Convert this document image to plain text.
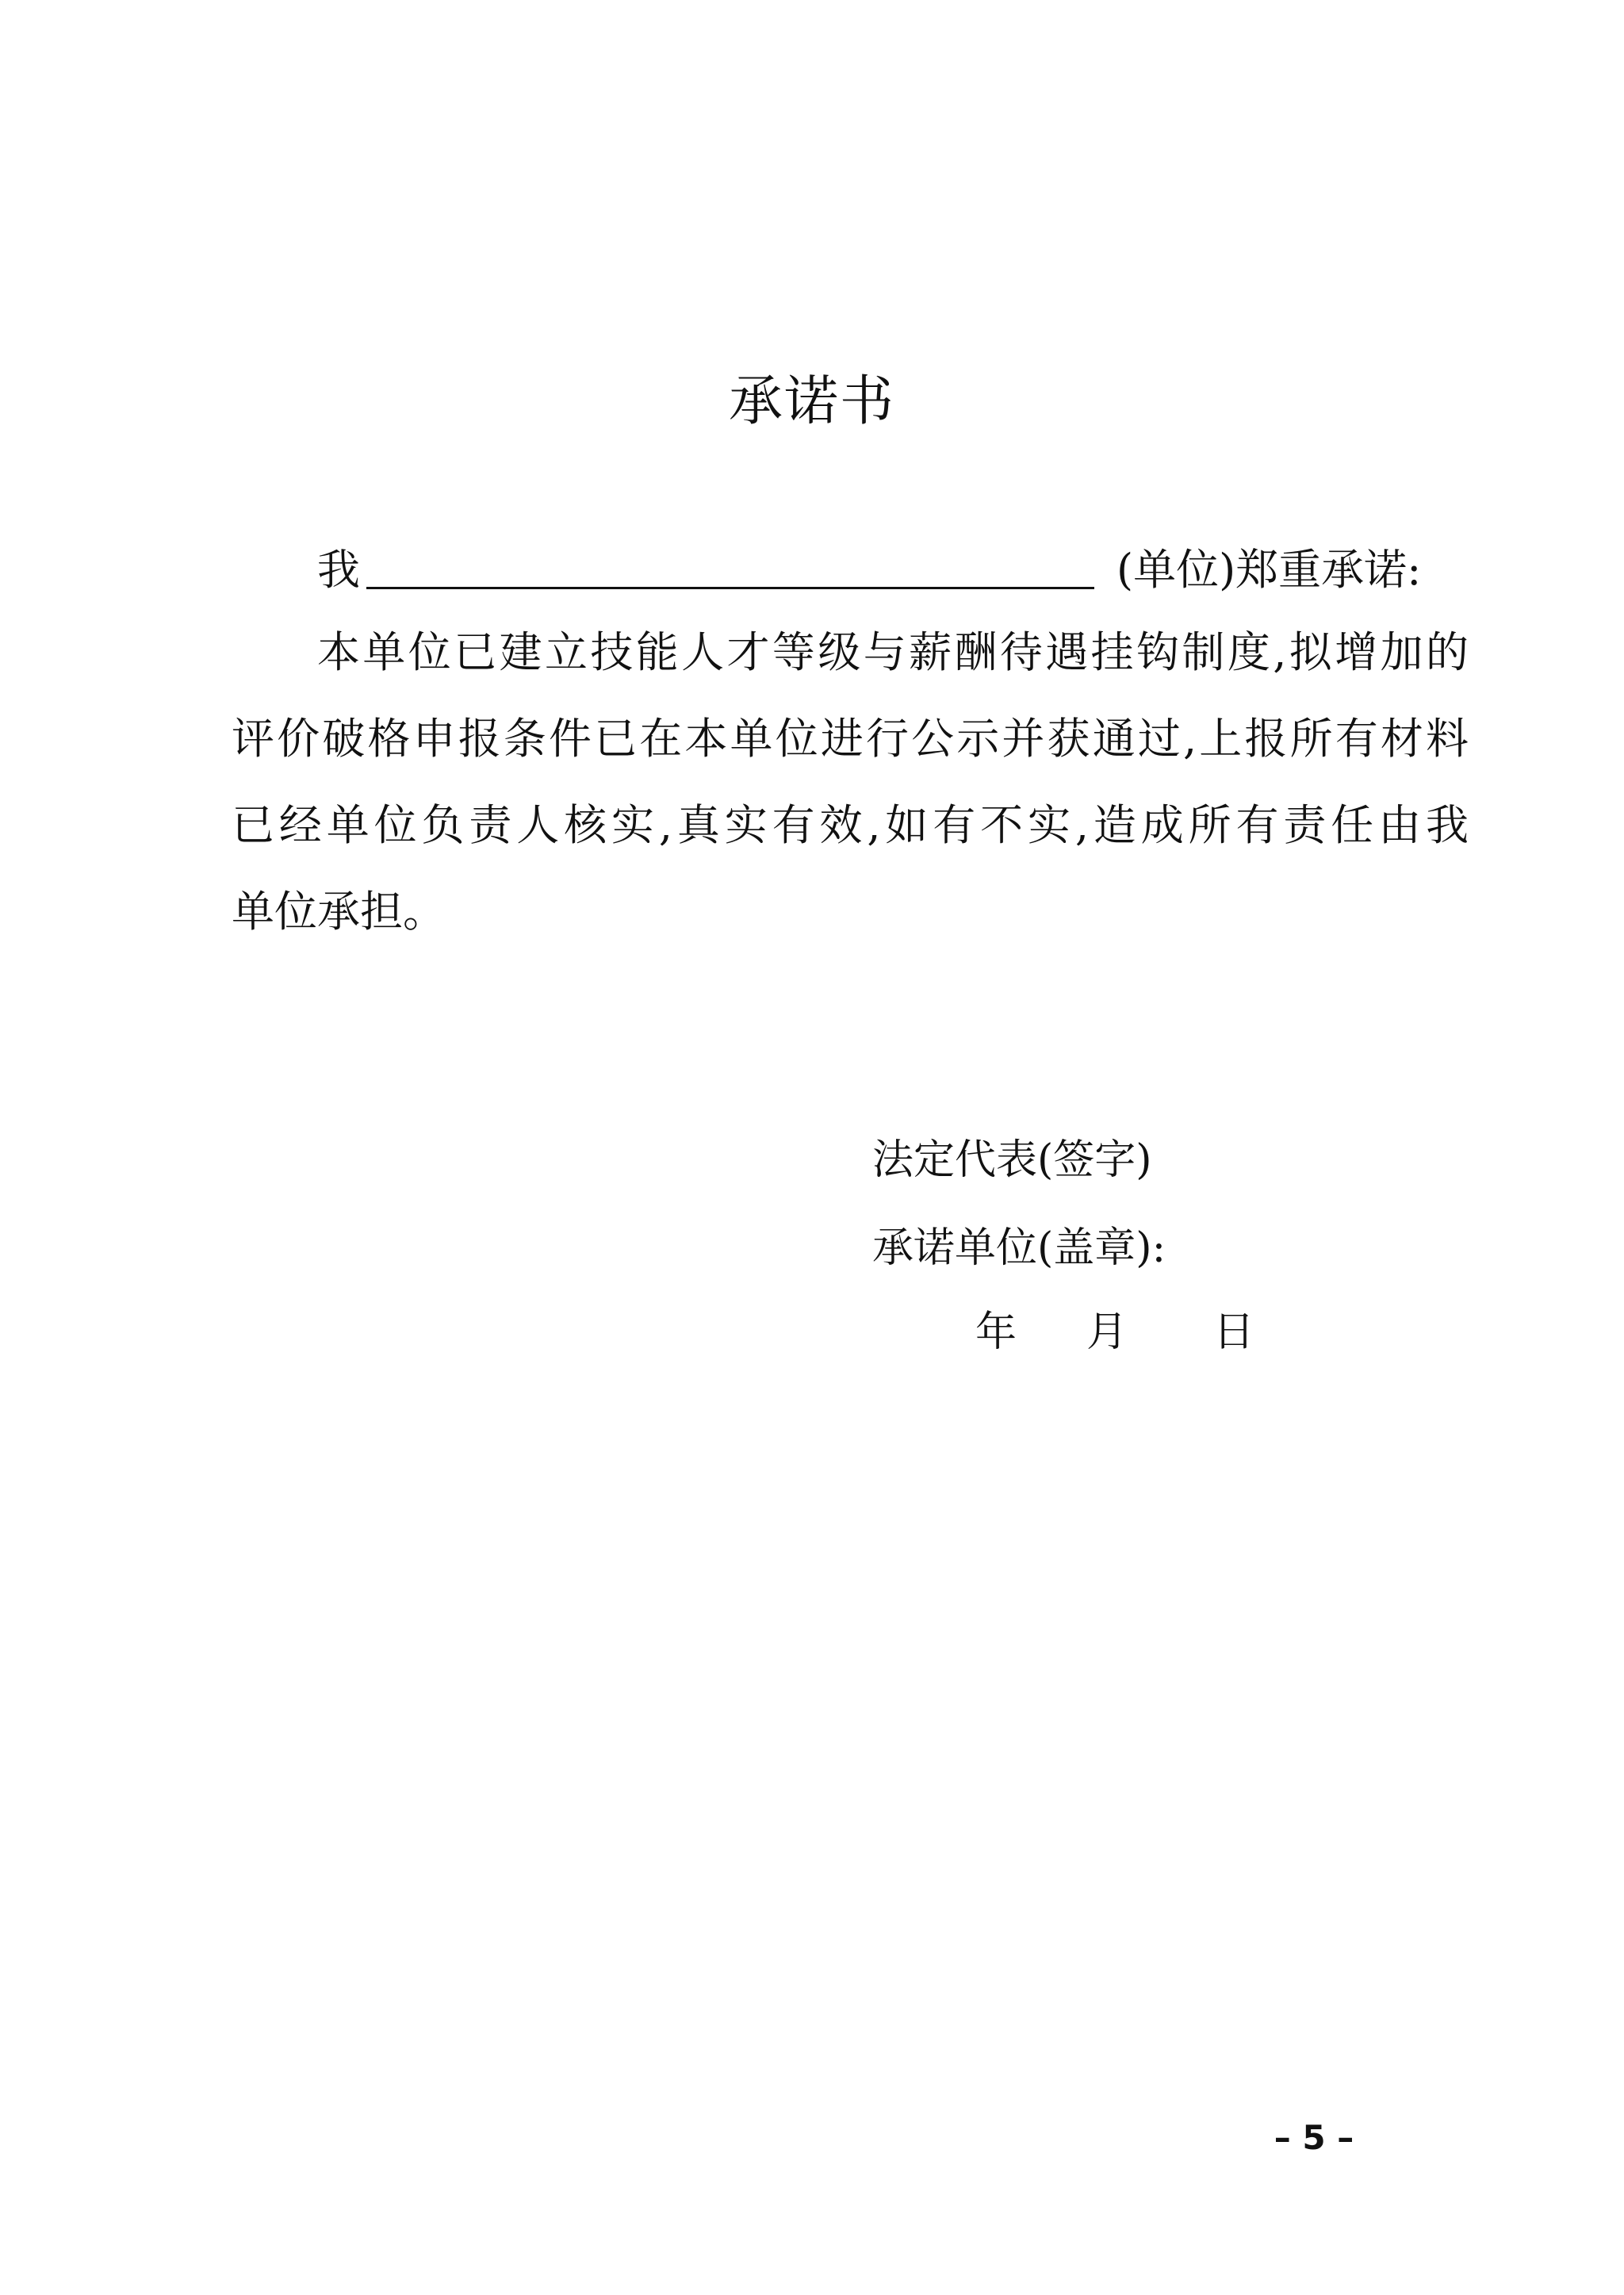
承诺书
我	(单位)郑重承诺:
本单位已建立技能人才等级与薪酬待遇挂钩制度,拟增加的
评价破格申报条件已在本单位进行公示并获通过,上报所有材料
已经单位负责人核实,真实有效,如有不实,造成所有责任由我
单位承担。
法定代表(签字)
承诺单位(盖章):
年 月 日
– 5 –
